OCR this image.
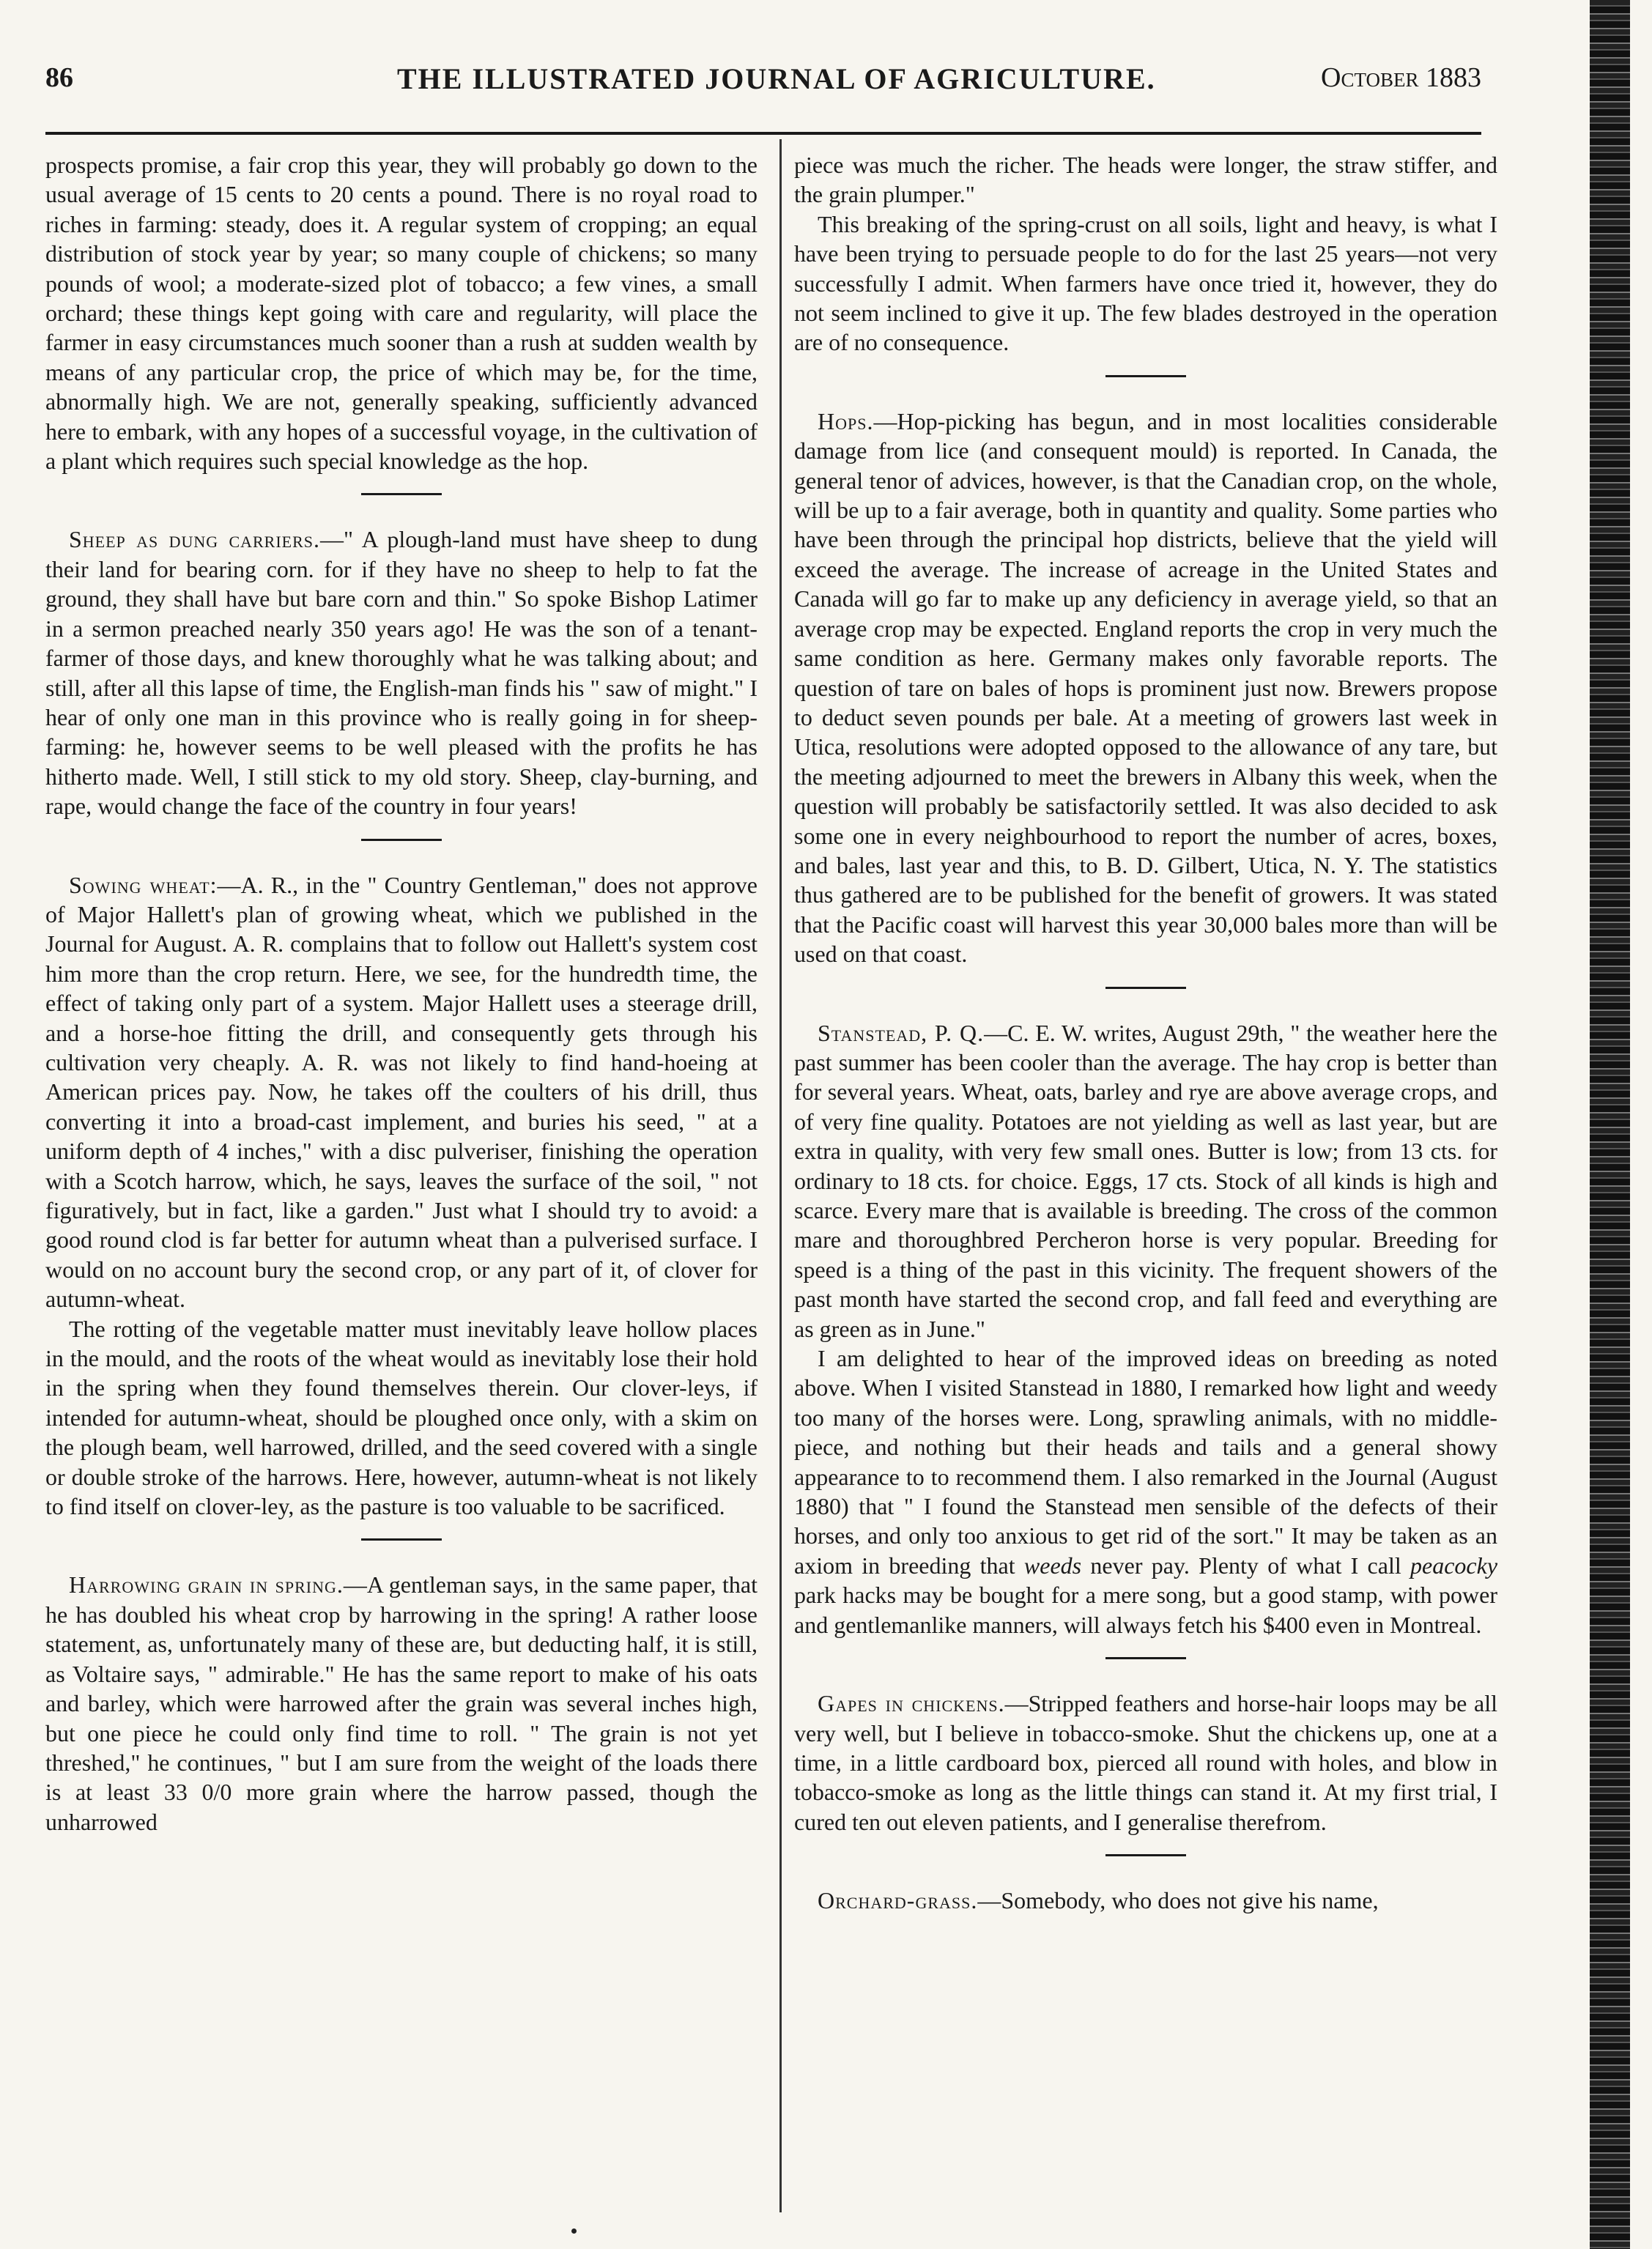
86	THE ILLUSTRATED JOURNAL OF AGRICULTURE.	October 1883

prospects promise, a fair crop this year, they will probably go down to the usual average of 15 cents to 20 cents a pound. There is no royal road to riches in farming: steady, does it. A regular system of cropping; an equal distribution of stock year by year; so many couple of chickens; so many pounds of wool; a moderate-sized plot of tobacco; a few vines, a small orchard; these things kept going with care and regularity, will place the farmer in easy circumstances much sooner than a rush at sudden wealth by means of any particular crop, the price of which may be, for the time, abnormally high. We are not, generally speaking, sufficiently advanced here to embark, with any hopes of a successful voyage, in the cultivation of a plant which requires such special knowledge as the hop.

Sheep as dung carriers.—" A plough-land must have sheep to dung their land for bearing corn. for if they have no sheep to help to fat the ground, they shall have but bare corn and thin." So spoke Bishop Latimer in a sermon preached nearly 350 years ago! He was the son of a tenant-farmer of those days, and knew thoroughly what he was talking about; and still, after all this lapse of time, the English-man finds his " saw of might." I hear of only one man in this province who is really going in for sheep-farming: he, however seems to be well pleased with the profits he has hitherto made. Well, I still stick to my old story. Sheep, clay-burning, and rape, would change the face of the country in four years!

Sowing wheat:—A. R., in the " Country Gentleman," does not approve of Major Hallett's plan of growing wheat, which we published in the Journal for August. A. R. complains that to follow out Hallett's system cost him more than the crop return. Here, we see, for the hundredth time, the effect of taking only part of a system. Major Hallett uses a steerage drill, and a horse-hoe fitting the drill, and consequently gets through his cultivation very cheaply. A. R. was not likely to find hand-hoeing at American prices pay. Now, he takes off the coulters of his drill, thus converting it into a broad-cast implement, and buries his seed, " at a uniform depth of 4 inches," with a disc pulveriser, finishing the operation with a Scotch harrow, which, he says, leaves the surface of the soil, " not figuratively, but in fact, like a garden." Just what I should try to avoid: a good round clod is far better for autumn wheat than a pulverised surface. I would on no account bury the second crop, or any part of it, of clover for autumn-wheat.

The rotting of the vegetable matter must inevitably leave hollow places in the mould, and the roots of the wheat would as inevitably lose their hold in the spring when they found themselves therein. Our clover-leys, if intended for autumn-wheat, should be ploughed once only, with a skim on the plough beam, well harrowed, drilled, and the seed covered with a single or double stroke of the harrows. Here, however, autumn-wheat is not likely to find itself on clover-ley, as the pasture is too valuable to be sacrificed.

Harrowing grain in spring.—A gentleman says, in the same paper, that he has doubled his wheat crop by harrowing in the spring! A rather loose statement, as, unfortunately many of these are, but deducting half, it is still, as Voltaire says, " admirable." He has the same report to make of his oats and barley, which were harrowed after the grain was several inches high, but one piece he could only find time to roll. " The grain is not yet threshed," he continues, " but I am sure from the weight of the loads there is at least 33 0/0 more grain where the harrow passed, though the unharrowed

piece was much the richer. The heads were longer, the straw stiffer, and the grain plumper."

This breaking of the spring-crust on all soils, light and heavy, is what I have been trying to persuade people to do for the last 25 years—not very successfully I admit. When farmers have once tried it, however, they do not seem inclined to give it up. The few blades destroyed in the operation are of no consequence.

Hops.—Hop-picking has begun, and in most localities considerable damage from lice (and consequent mould) is reported. In Canada, the general tenor of advices, however, is that the Canadian crop, on the whole, will be up to a fair average, both in quantity and quality. Some parties who have been through the principal hop districts, believe that the yield will exceed the average. The increase of acreage in the United States and Canada will go far to make up any deficiency in average yield, so that an average crop may be expected. England reports the crop in very much the same condition as here. Germany makes only favorable reports. The question of tare on bales of hops is prominent just now. Brewers propose to deduct seven pounds per bale. At a meeting of growers last week in Utica, resolutions were adopted opposed to the allowance of any tare, but the meeting adjourned to meet the brewers in Albany this week, when the question will probably be satisfactorily settled. It was also decided to ask some one in every neighbourhood to report the number of acres, boxes, and bales, last year and this, to B. D. Gilbert, Utica, N. Y. The statistics thus gathered are to be published for the benefit of growers. It was stated that the Pacific coast will harvest this year 30,000 bales more than will be used on that coast.

Stanstead, P. Q.—C. E. W. writes, August 29th, " the weather here the past summer has been cooler than the average. The hay crop is better than for several years. Wheat, oats, barley and rye are above average crops, and of very fine quality. Potatoes are not yielding as well as last year, but are extra in quality, with very few small ones. Butter is low; from 13 cts. for ordinary to 18 cts. for choice. Eggs, 17 cts. Stock of all kinds is high and scarce. Every mare that is available is breeding. The cross of the common mare and thoroughbred Percheron horse is very popular. Breeding for speed is a thing of the past in this vicinity. The frequent showers of the past month have started the second crop, and fall feed and everything are as green as in June."

I am delighted to hear of the improved ideas on breeding as noted above. When I visited Stanstead in 1880, I remarked how light and weedy too many of the horses were. Long, sprawling animals, with no middle-piece, and nothing but their heads and tails and a general showy appearance to to recommend them. I also remarked in the Journal (August 1880) that " I found the Stanstead men sensible of the defects of their horses, and only too anxious to get rid of the sort." It may be taken as an axiom in breeding that weeds never pay. Plenty of what I call peacocky park hacks may be bought for a mere song, but a good stamp, with power and gentlemanlike manners, will always fetch his $400 even in Montreal.

Gapes in chickens.—Stripped feathers and horse-hair loops may be all very well, but I believe in tobacco-smoke. Shut the chickens up, one at a time, in a little cardboard box, pierced all round with holes, and blow in tobacco-smoke as long as the little things can stand it. At my first trial, I cured ten out eleven patients, and I generalise therefrom.

Orchard-grass.—Somebody, who does not give his name,
